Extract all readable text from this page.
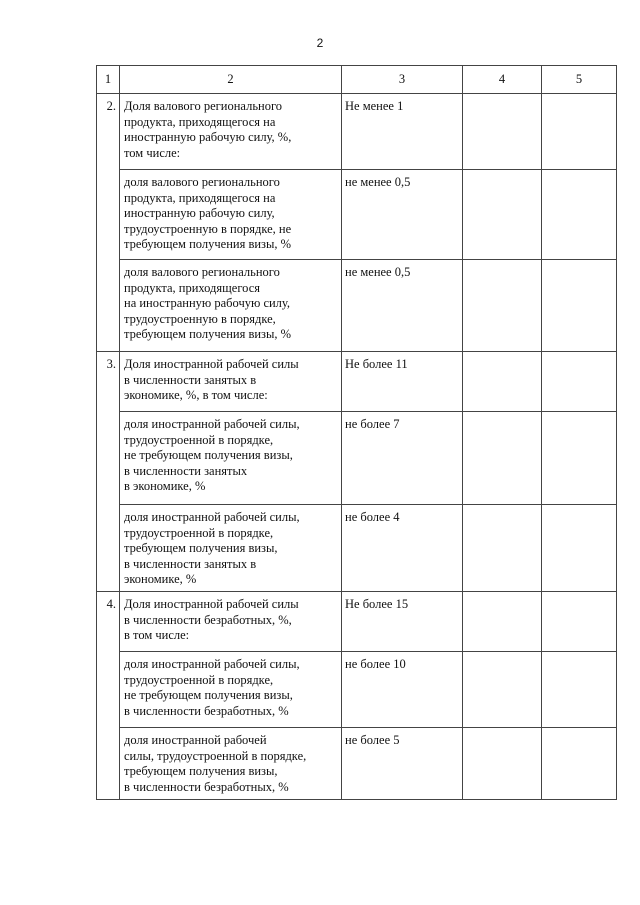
2
1	2	3	4	5
2.	Доля валового регионального
продукта, приходящегося на
иностранную рабочую силу, %,
том числе:	Не менее 1		

	доля валового регионального
продукта, приходящегося на
иностранную рабочую силу,
трудоустроенную в порядке, не
требующем получения визы, %	не менее 0,5		

	доля валового регионального
продукта, приходящегося
на иностранную рабочую силу,
трудоустроенную в порядке,
требующем получения визы, %	не менее 0,5		
3.	Доля иностранной рабочей силы
в численности занятых в
экономике, %, в том числе:	Не более 11		

	доля иностранной рабочей силы,
трудоустроенной в порядке,
не требующем получения визы,
в численности занятых
в экономике, %	не более 7		

	доля иностранной рабочей силы,
трудоустроенной в порядке,
требующем получения визы,
в численности занятых в
экономике, %	не более 4		
4.	Доля иностранной рабочей силы
в численности безработных, %,
в том числе:	Не более 15		

	доля иностранной рабочей силы,
трудоустроенной в порядке,
не требующем получения визы,
в численности безработных, %	не более 10		

	доля иностранной рабочей
силы, трудоустроенной в порядке,
требующем получения визы,
в численности безработных, %	не более 5		
